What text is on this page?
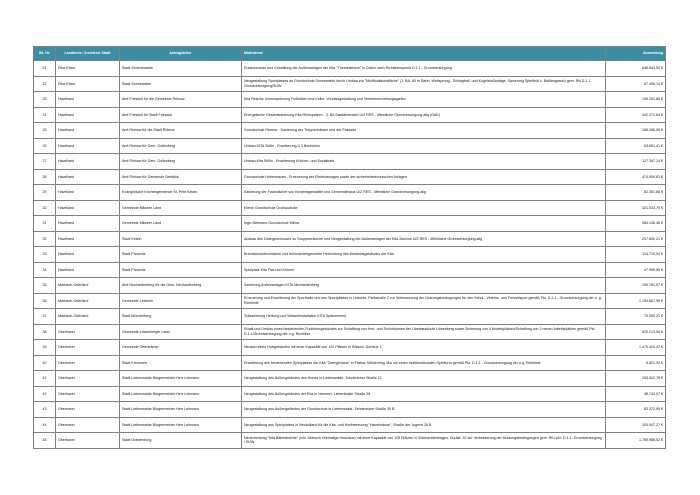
lfd. Nr.	Landkreis / kreisfreie Stadt	Antragsteller	Maßnahme	Zuwendung
21	Elbe-Elster	Stadt Schönewalde	Ersatzneubau und Gestaltung der Außenanlagen der Kita "Themeskirsze" in Dubro nach Richtlinienpunkt D.1.1 - Grundversorgung	646.843,50 €
22	Elbe-Elster	Stadt Sonnewalde	Neugestaltung Sportplatzes an Grundschule Sonnewalde durch Umbau zur "Multifunktionsfläche" (1. BA- 60 m Bahn, Weitsprung-, Schlagball- und Kugelstoßanlage, Sanierung Spielfeld u. Ballfangzaun) gem. Rili D.1.1 - Grundversorgung/SUW	87.406,14 €
23	Havelland	Amt Friesack für die Gemeinde Retzow	Kita Retzow: Innensanierung Fußböden und Keller, Vorplatzgestaltung und Verkehrserziehungsgarten	109.251,85 €
24	Havelland	Amt Friesack für Stadt Friesack	Energetische Gesamtsanierung Kita Rhinspatzen - 3. BA Sanitärbereich U/Z RES - öffentliche Grundversorgung-allg (GAK)	342.371,64 €
25	Havelland	Amt Rhinow für die Stadt Rhinow	Grundschule Rhinow - Sanierung der Treppenhäuser und der Fassade	186.096,08 €
26	Havelland	Amt Rhinow für Gem. Gollenberg	Umbau KITA Stölln - Erweiterung U 3 Bereiches	63.651,41 €
27	Havelland	Amt Rhinow für Gem. Gollenberg	Umbau Kita Stölln - Erweiterung Küchen- und Sozialtrakt	117.397,14 €
28	Havelland	Amt Rhinow für Gemeinde Seeblick	Grundschule Hohennauen - Erneuerung der Elektroanlagen sowie der sicherheitstechnischen Anlagen	474.954,81 €
29	Havelland	Evangelische Kirchengemeinde St. Petri Ketzin	Sanierung der Flachdächer von Kindertagesstätte und Gemeindehaus U/Z RES - öffentliche Grundversorgung-allg	82.351,66 €
30	Havelland	Gemeinde Milower Land	Kleine Grundschule Großwudicke	321.533,79 €
31	Havelland	Gemeinde Milower Land	Inge-Sielmann-Grundschule Milow	384.146,36 €
32	Havelland	Stadt Ketzin	Ausbau des Dachgeschosses zu Gruppenräumen und Neugestaltung der Außenanlagen der Kita Zachow U/Z RES - öffentliche Grundversorgung-allg	207.840,21 €
33	Havelland	Stadt Premnitz	Brandschutztechnische und behindertengerechte Herrichtung des Bestandsgebäudes der Kita	114.710,04 €
34	Havelland	Stadt Premnitz	Spielplatz Kita Flax und Krümel	47.999,99 €
35	Märkisch-Oderland	Amt Neuhardenberg für die Gem. Neuhardenberg	Sanierung Außenanlagen KITA Neuhardenberg	190.781,07 €
36	Märkisch-Oderland	Gemeinde Letschin	Erneuerung und Erweiterung der Sporthalle und des Sportplatzes in Letschin, Parkstraße 2 zur Verbesserung der Nutzungsbedingungen für den Schul-, Vereins- und Freizeitsport gemäß Pkt. D.1.1 - Grundversorgung der o. g. Richtlinie	1.194.667,95 €
37	Märkisch-Oderland	Stadt Müncheberg	Teilsanierung Heizung und Wasserinstallation KITA Spatzennest	70.050,21 €
38	Oberhavel	Gemeinde Löwenberger Land	Erhalt und Umbau eines bestehenden Funktionsgebäudes zur Schaffung von Hort- und Schulräumen der Libertasschule Löwenberg sowie Sicherung von 4 Arbeitsplätzen/Schaffung von 3 neuen Arbeitsplätzen gemäß Pkt. D.1.1/Grundversorgung der o.g. Richtlinie	620.213,56 €
39	Oberhavel	Gemeinde Oberkrämer	Neubau eines Hortgebäudes mit einer Kapazität von 120 Plätzen in Bötzow, Dorfaue 1	1.475.424,47 €
40	Oberhavel	Stadt Kremmen	Erweiterung des bestehenden Spielplatzes der Kita "Zwergenland" in Flatow, Mühlenring 36a um einen multifunktionalen Spielturm gemäß Pkt. D.1.1 - Grundversorgung der o.g. Richtlinie	5.821,32 €
41	Oberhavel	Stadt Liebenwalde Bürgermeister Herr Lehmann	Neugestaltung des Außengeländes des Hortes in Liebenwalde, Zehdenicker Straße 21	153.522,76 €
42	Oberhavel	Stadt Liebenwalde Bürgermeister Herr Lehmann	Neugestaltung des Außengeländes der Kita in Hammer, Liebenthaler Straße 28	48.743,07 €
43	Oberhavel	Stadt Liebenwalde Bürgermeister Herr Lehmann	Neugestaltung des Außengeländes der Grundschule in Liebenwalde, Zehdenicker Straße 30 B	83.372,96 €
44	Oberhavel	Stadt Liebenwalde Bürgermeister Herr Lehmann	Neugestaltung des Spielplatzes in Neuholland für die Kita- und Hortbetreuung "Havelmäuse", Straße der Jugend 26 B	103.947,27 €
45	Oberhavel	Stadt Oranienburg	Neuerrichtung "Kita Bäkestrolche" (inkl. Abbruch ehemalige Heizhaus) mit einer Kapazität von 125 Plätzen in Schmachtenhagen, Dorfstr. 33 zur Verbesserung der Nutzungsbedingungen gem. RiLi-pkt. D.1.1- Grundversorgung / SUW	1.769.988,02 €
